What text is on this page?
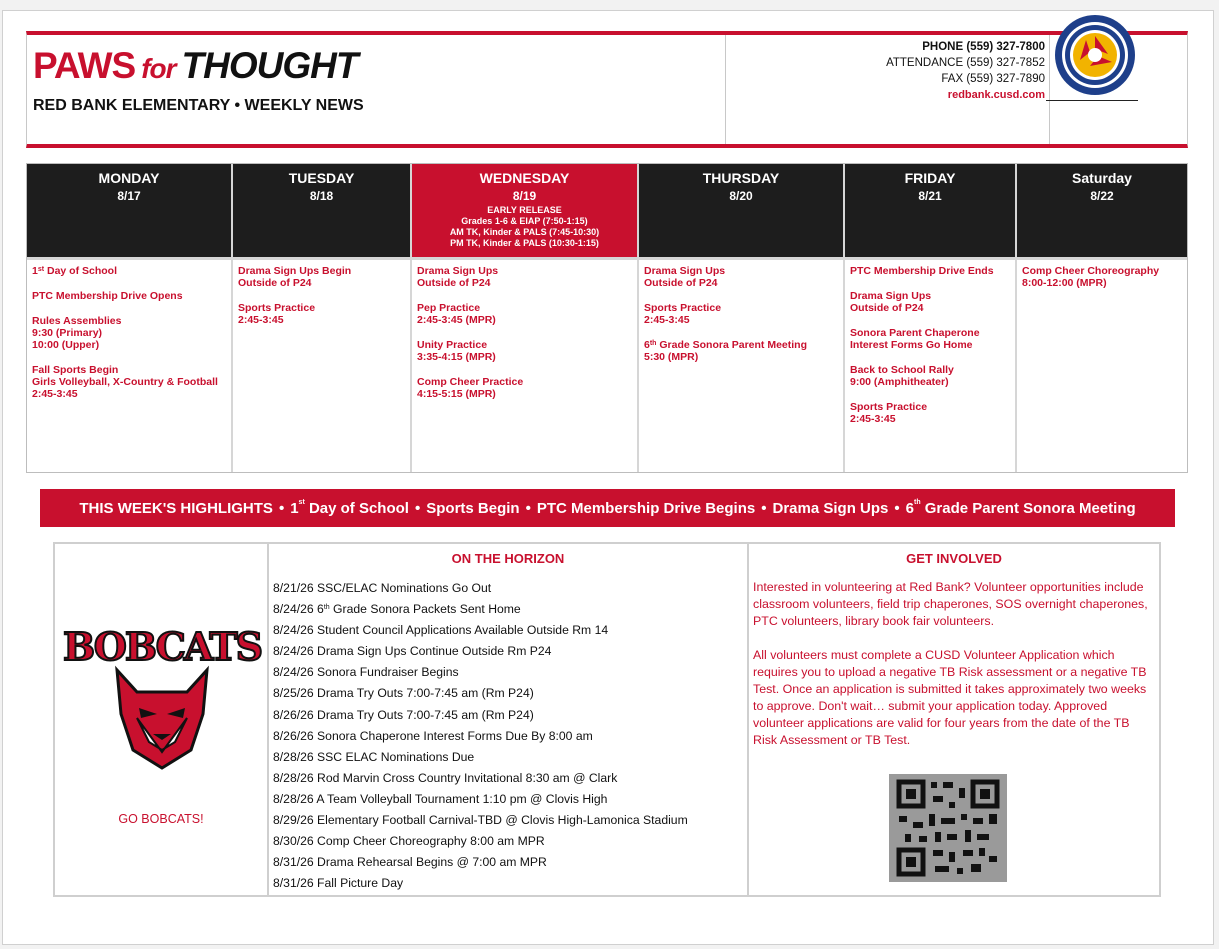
PAWS for THOUGHT
RED BANK ELEMENTARY • WEEKLY NEWS
PHONE (559) 327-7800
ATTENDANCE (559) 327-7852
FAX (559) 327-7890
redbank.cusd.com
MONDAY
8/17
1st Day of School
PTC Membership Drive Opens
Rules Assemblies
9:30 (Primary)
10:00 (Upper)
Fall Sports Begin
Girls Volleyball, X-Country & Football
2:45-3:45
TUESDAY
8/18
Drama Sign Ups Begin
Outside of P24
Sports Practice
2:45-3:45
WEDNESDAY
8/19
EARLY RELEASE
Grades 1-6 & EIAP (7:50-1:15)
AM TK, Kinder & PALS (7:45-10:30)
PM TK, Kinder & PALS (10:30-1:15)
Drama Sign Ups
Outside of P24
Pep Practice
2:45-3:45 (MPR)
Unity Practice
3:35-4:15 (MPR)
Comp Cheer Practice
4:15-5:15 (MPR)
THURSDAY
8/20
Drama Sign Ups
Outside of P24
Sports Practice
2:45-3:45
6th Grade Sonora Parent Meeting
5:30 (MPR)
FRIDAY
8/21
PTC Membership Drive Ends
Drama Sign Ups
Outside of P24
Sonora Parent Chaperone
Interest Forms Go Home
Back to School Rally
9:00 (Amphitheater)
Sports Practice
2:45-3:45
Saturday
8/22
Comp Cheer Choreography
8:00-12:00 (MPR)
THIS WEEK'S HIGHLIGHTS • 1st Day of School • Sports Begin • PTC Membership Drive Begins • Drama Sign Ups • 6th Grade Parent Sonora Meeting
BOBCATS
GO BOBCATS!
ON THE HORIZON
8/21/26 SSC/ELAC Nominations Go Out
8/24/26 6th Grade Sonora Packets Sent Home
8/24/26 Student Council Applications Available Outside Rm 14
8/24/26 Drama Sign Ups Continue Outside Rm P24
8/24/26 Sonora Fundraiser Begins
8/25/26 Drama Try Outs 7:00-7:45 am (Rm P24)
8/26/26 Drama Try Outs 7:00-7:45 am (Rm P24)
8/26/26 Sonora Chaperone Interest Forms Due By 8:00 am
8/28/26 SSC ELAC Nominations Due
8/28/26 Rod Marvin Cross Country Invitational 8:30 am @ Clark
8/28/26 A Team Volleyball Tournament 1:10 pm @ Clovis High
8/29/26 Elementary Football Carnival-TBD @ Clovis High-Lamonica Stadium
8/30/26 Comp Cheer Choreography 8:00 am MPR
8/31/26 Drama Rehearsal Begins @ 7:00 am MPR
8/31/26 Fall Picture Day
GET INVOLVED

Interested in volunteering at Red Bank? Volunteer opportunities include classroom volunteers, field trip chaperones, SOS overnight chaperones, PTC volunteers, library book fair volunteers.

All volunteers must complete a CUSD Volunteer Application which requires you to upload a negative TB Risk assessment or a negative TB Test. Once an application is submitted it takes approximately two weeks to approve. Don't wait… submit your application today. Approved volunteer applications are valid for four years from the date of the TB Risk Assessment or TB Test.
